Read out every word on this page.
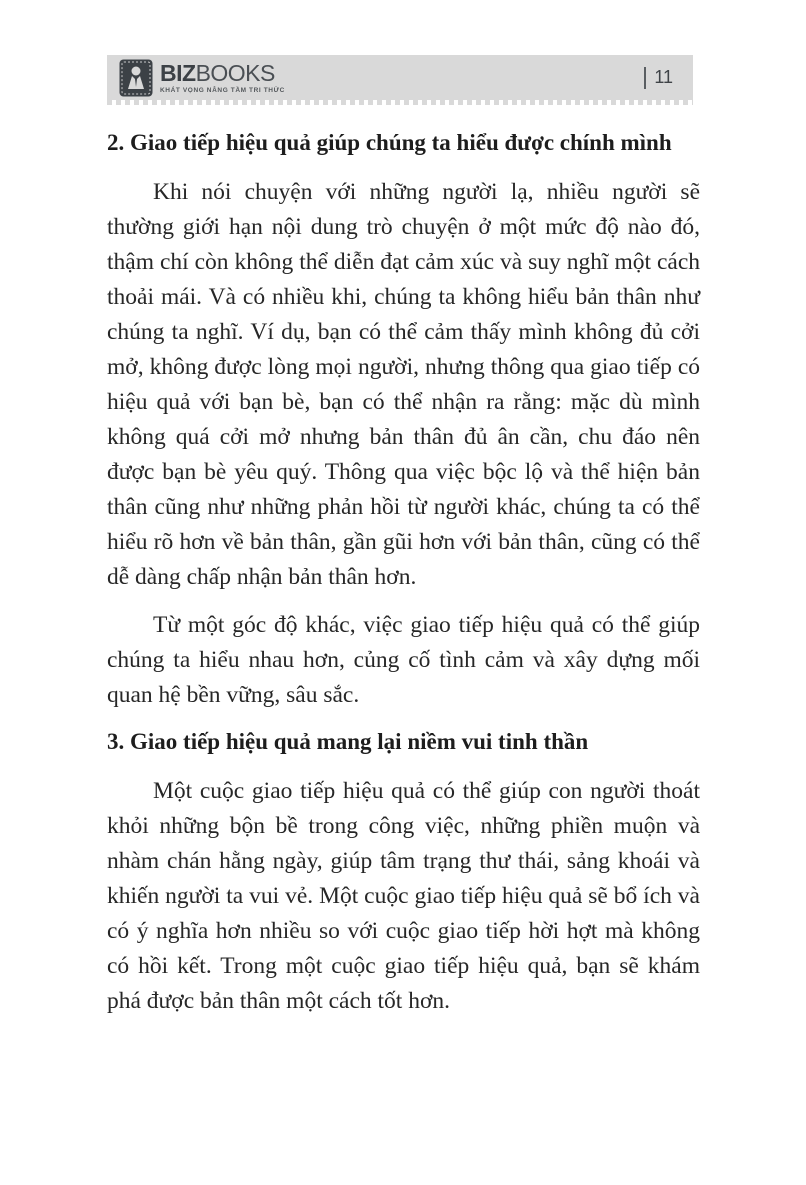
BIZBOOKS
KHÁT VỌNG NÂNG TẦM TRI THỨC
11
2. Giao tiếp hiệu quả giúp chúng ta hiểu được chính mình

Khi nói chuyện với những người lạ, nhiều người sẽ thường giới hạn nội dung trò chuyện ở một mức độ nào đó, thậm chí còn không thể diễn đạt cảm xúc và suy nghĩ một cách thoải mái. Và có nhiều khi, chúng ta không hiểu bản thân như chúng ta nghĩ. Ví dụ, bạn có thể cảm thấy mình không đủ cởi mở, không được lòng mọi người, nhưng thông qua giao tiếp có hiệu quả với bạn bè, bạn có thể nhận ra rằng: mặc dù mình không quá cởi mở nhưng bản thân đủ ân cần, chu đáo nên được bạn bè yêu quý. Thông qua việc bộc lộ và thể hiện bản thân cũng như những phản hồi từ người khác, chúng ta có thể hiểu rõ hơn về bản thân, gần gũi hơn với bản thân, cũng có thể dễ dàng chấp nhận bản thân hơn.

Từ một góc độ khác, việc giao tiếp hiệu quả có thể giúp chúng ta hiểu nhau hơn, củng cố tình cảm và xây dựng mối quan hệ bền vững, sâu sắc.

3. Giao tiếp hiệu quả mang lại niềm vui tinh thần

Một cuộc giao tiếp hiệu quả có thể giúp con người thoát khỏi những bộn bề trong công việc, những phiền muộn và nhàm chán hằng ngày, giúp tâm trạng thư thái, sảng khoái và khiến người ta vui vẻ. Một cuộc giao tiếp hiệu quả sẽ bổ ích và có ý nghĩa hơn nhiều so với cuộc giao tiếp hời hợt mà không có hồi kết. Trong một cuộc giao tiếp hiệu quả, bạn sẽ khám phá được bản thân một cách tốt hơn.
